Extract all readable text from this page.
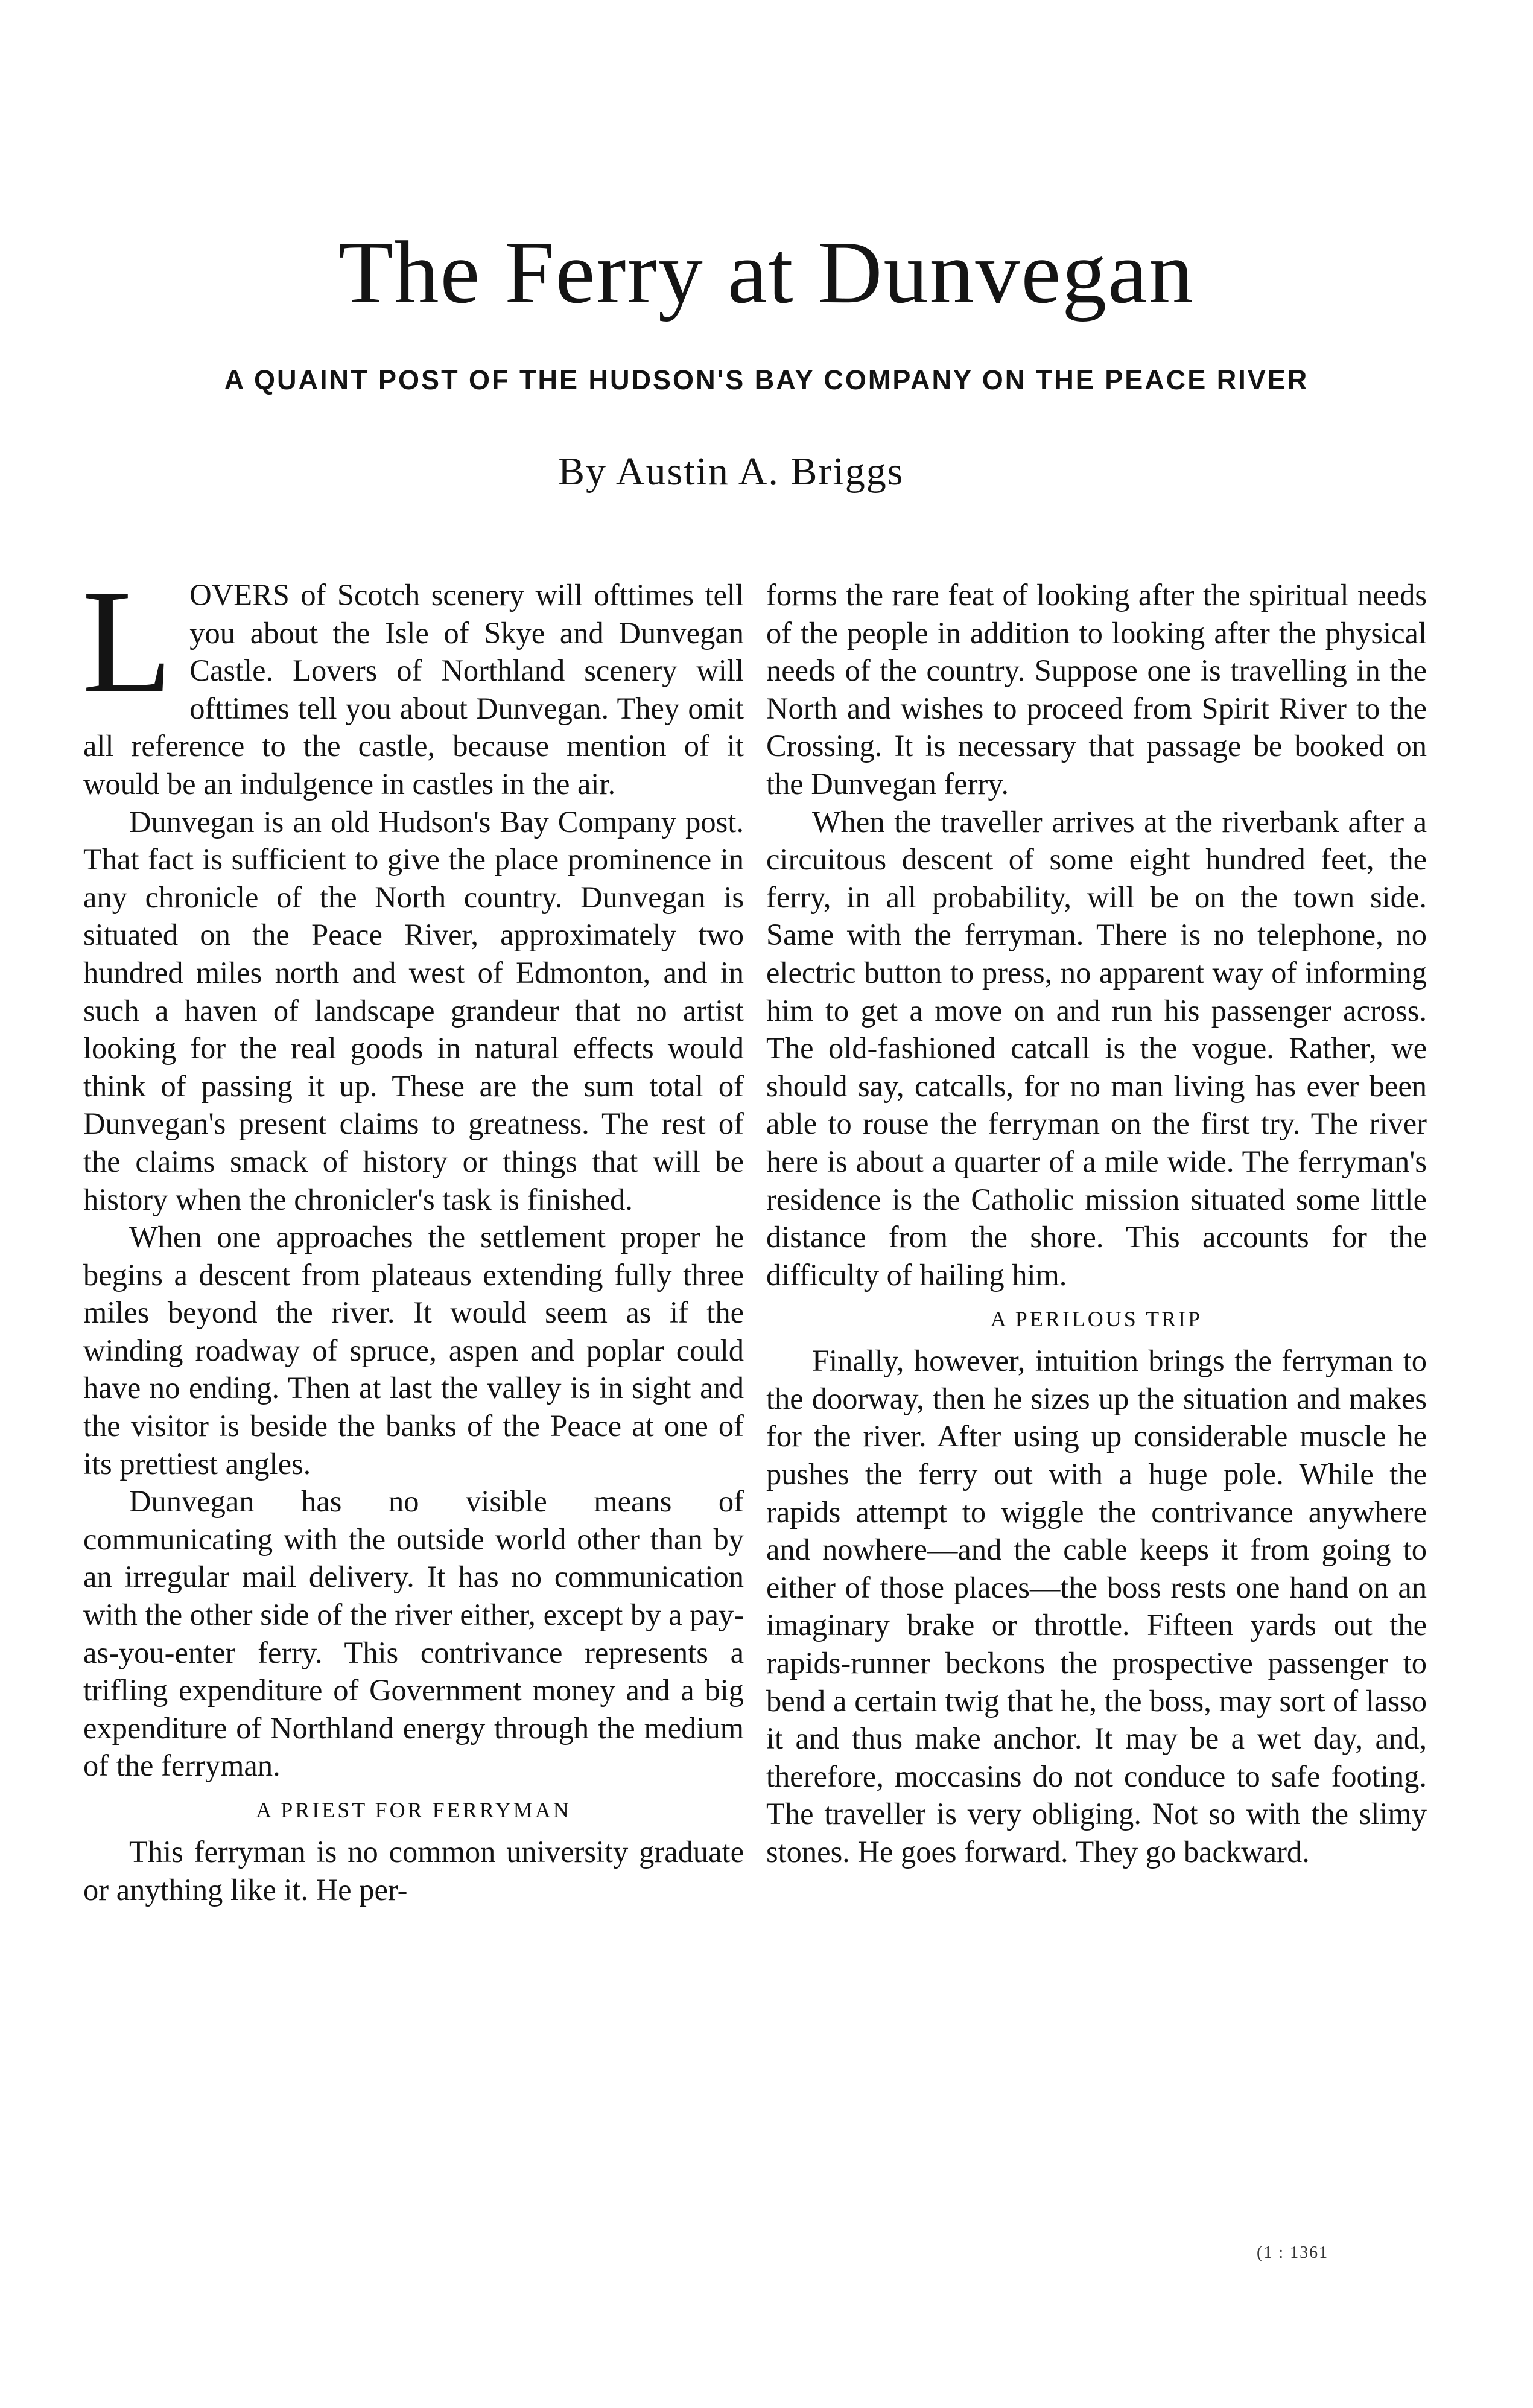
The Ferry at Dunvegan
A QUAINT POST OF THE HUDSON'S BAY COMPANY ON THE PEACE RIVER
By Austin A. Briggs

LOVERS of Scotch scenery will ofttimes tell you about the Isle of Skye and Dunvegan Castle. Lovers of Northland scenery will ofttimes tell you about Dunvegan. They omit all reference to the castle, because mention of it would be an indulgence in castles in the air.

Dunvegan is an old Hudson's Bay Company post. That fact is sufficient to give the place prominence in any chronicle of the North country. Dunvegan is situated on the Peace River, approximately two hundred miles north and west of Edmonton, and in such a haven of landscape grandeur that no artist looking for the real goods in natural effects would think of passing it up. These are the sum total of Dunvegan's present claims to greatness. The rest of the claims smack of history or things that will be history when the chronicler's task is finished.

When one approaches the settlement proper he begins a descent from plateaus extending fully three miles beyond the river. It would seem as if the winding roadway of spruce, aspen and poplar could have no ending. Then at last the valley is in sight and the visitor is beside the banks of the Peace at one of its prettiest angles.

Dunvegan has no visible means of communicating with the outside world other than by an irregular mail delivery. It has no communication with the other side of the river either, except by a pay-as-you-enter ferry. This contrivance represents a trifling expenditure of Government money and a big expenditure of Northland energy through the medium of the ferryman.

A PRIEST FOR FERRYMAN

This ferryman is no common university graduate or anything like it. He per-

forms the rare feat of looking after the spiritual needs of the people in addition to looking after the physical needs of the country. Suppose one is travelling in the North and wishes to proceed from Spirit River to the Crossing. It is necessary that passage be booked on the Dunvegan ferry.

When the traveller arrives at the riverbank after a circuitous descent of some eight hundred feet, the ferry, in all probability, will be on the town side. Same with the ferryman. There is no telephone, no electric button to press, no apparent way of informing him to get a move on and run his passenger across. The old-fashioned catcall is the vogue. Rather, we should say, catcalls, for no man living has ever been able to rouse the ferryman on the first try. The river here is about a quarter of a mile wide. The ferryman's residence is the Catholic mission situated some little distance from the shore. This accounts for the difficulty of hailing him.

A PERILOUS TRIP

Finally, however, intuition brings the ferryman to the doorway, then he sizes up the situation and makes for the river. After using up considerable muscle he pushes the ferry out with a huge pole. While the rapids attempt to wiggle the contrivance anywhere and nowhere—and the cable keeps it from going to either of those places—the boss rests one hand on an imaginary brake or throttle. Fifteen yards out the rapids-runner beckons the prospective passenger to bend a certain twig that he, the boss, may sort of lasso it and thus make anchor. It may be a wet day, and, therefore, moccasins do not conduce to safe footing. The traveller is very obliging. Not so with the slimy stones. He goes forward. They go backward.

(1 : 1361
